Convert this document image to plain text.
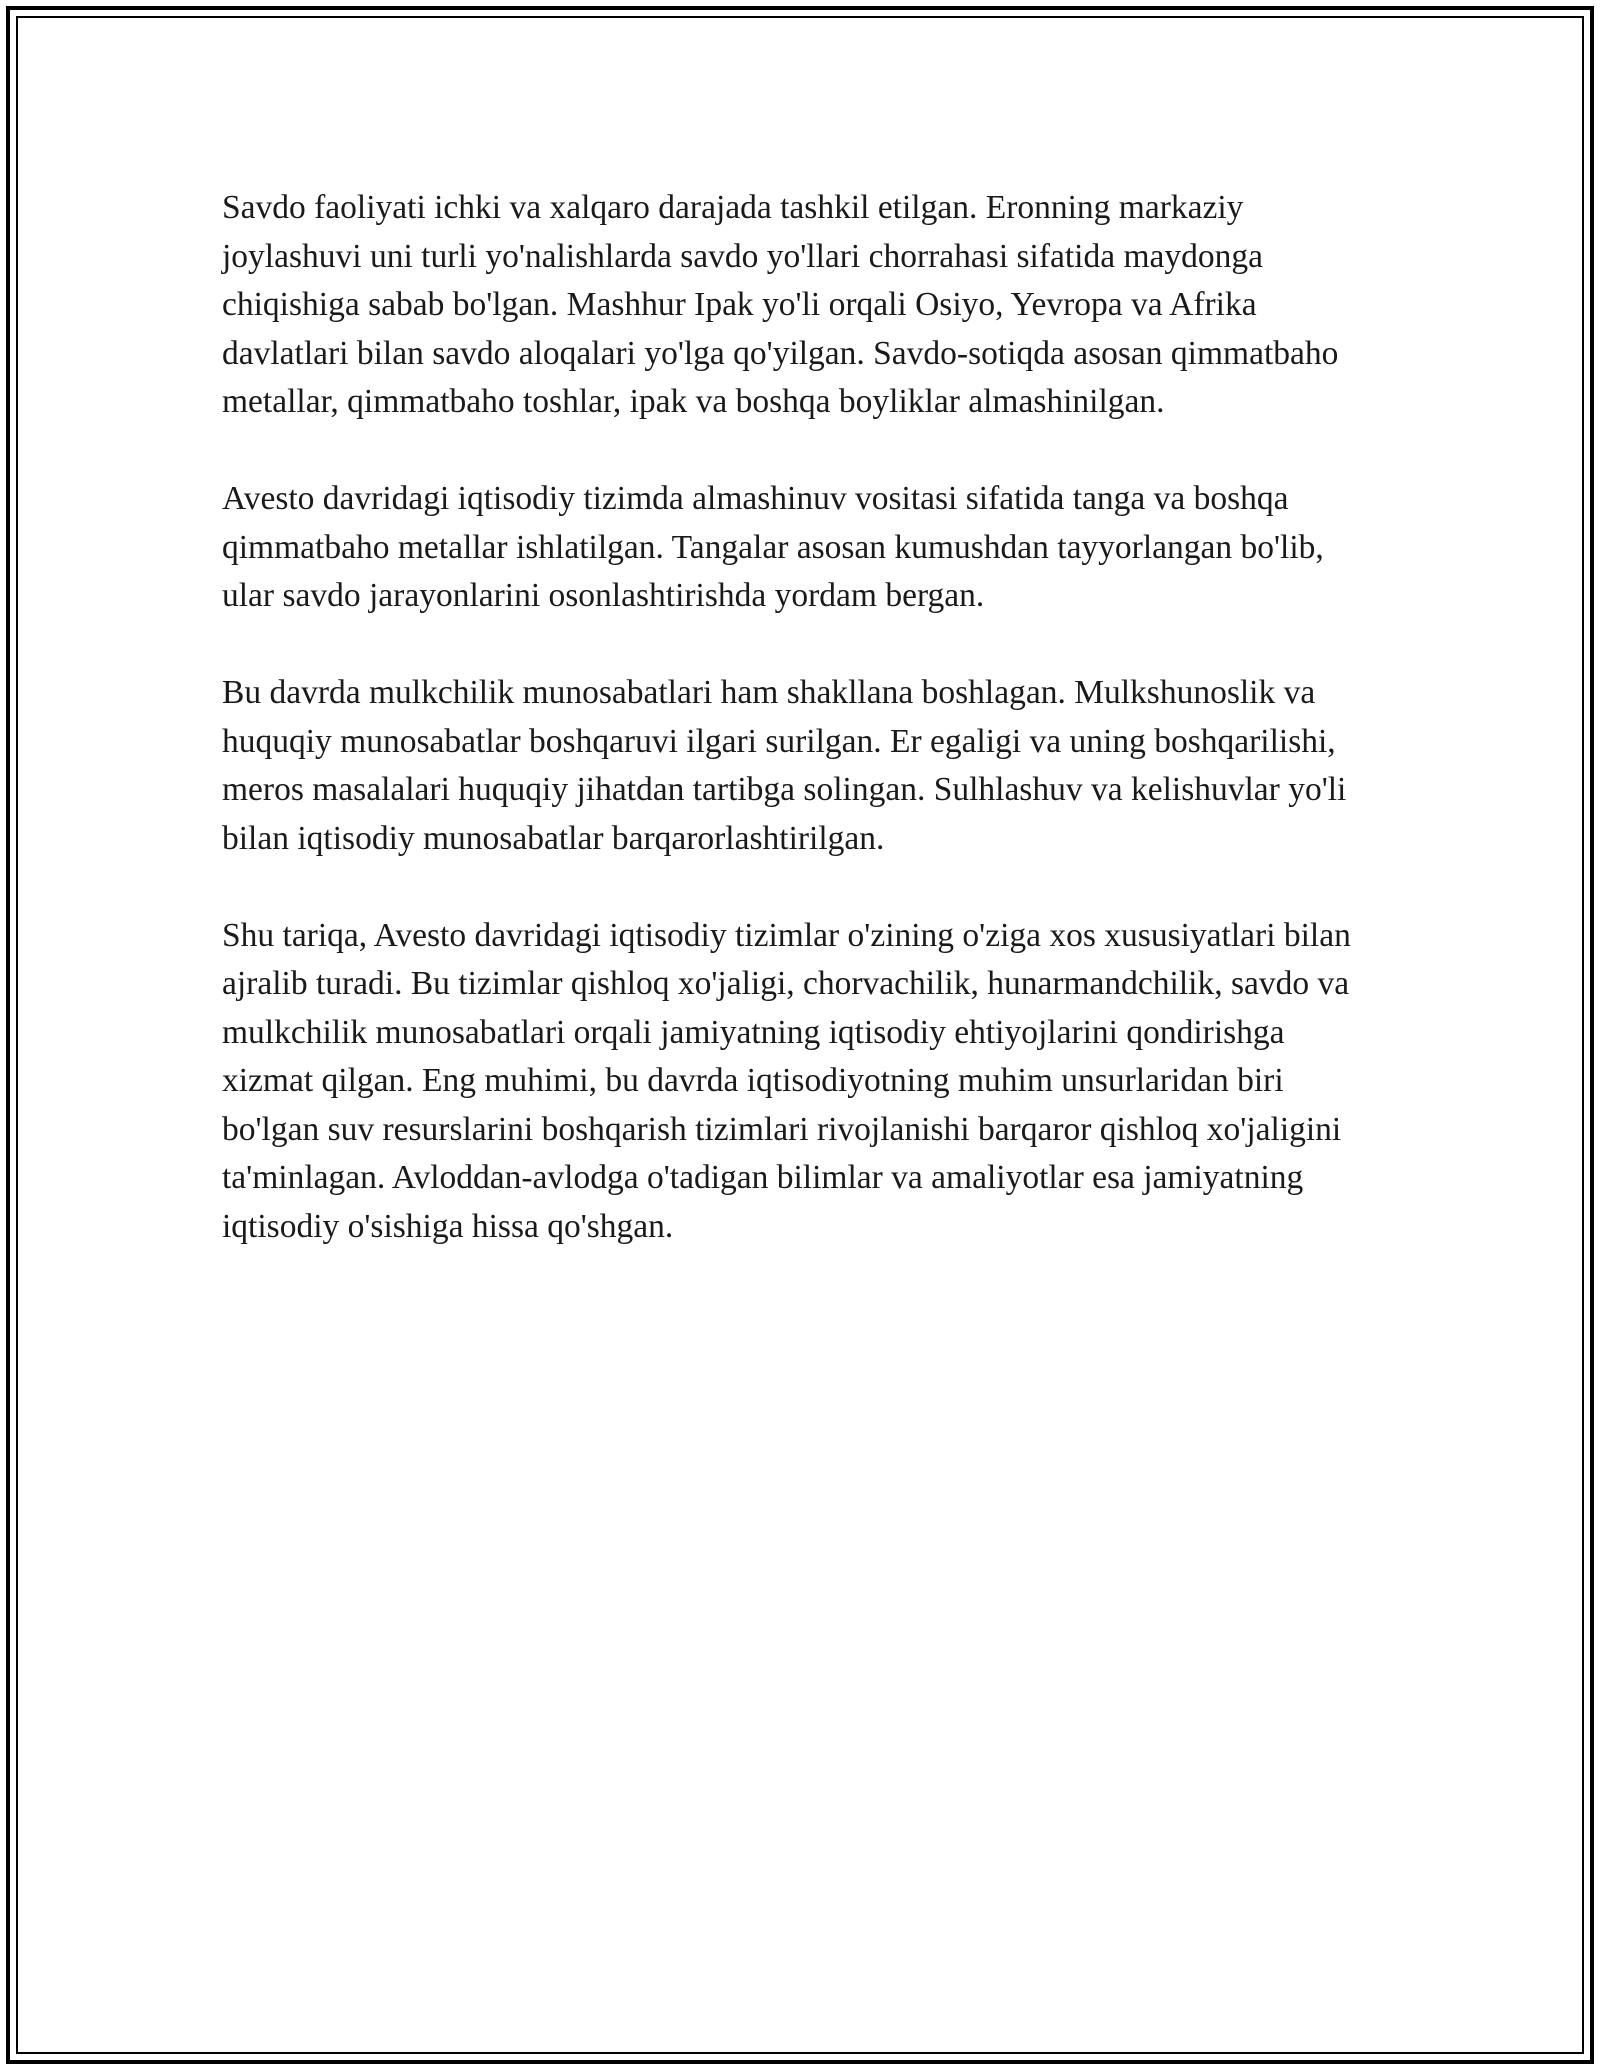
Savdo faoliyati ichki va xalqaro darajada tashkil etilgan. Eronning markaziy joylashuvi uni turli yo'nalishlarda savdo yo'llari chorrahasi sifatida maydonga chiqishiga sabab bo'lgan. Mashhur Ipak yo'li orqali Osiyo, Yevropa va Afrika davlatlari bilan savdo aloqalari yo'lga qo'yilgan. Savdo-sotiqda asosan qimmatbaho metallar, qimmatbaho toshlar, ipak va boshqa boyliklar almashinilgan.

Avesto davridagi iqtisodiy tizimda almashinuv vositasi sifatida tanga va boshqa qimmatbaho metallar ishlatilgan. Tangalar asosan kumushdan tayyorlangan bo'lib, ular savdo jarayonlarini osonlashtirishda yordam bergan.

Bu davrda mulkchilik munosabatlari ham shakllana boshlagan. Mulkshunoslik va huquqiy munosabatlar boshqaruvi ilgari surilgan. Er egaligi va uning boshqarilishi, meros masalalari huquqiy jihatdan tartibga solingan. Sulhlashuv va kelishuvlar yo'li bilan iqtisodiy munosabatlar barqarorlashtirilgan.

Shu tariqa, Avesto davridagi iqtisodiy tizimlar o'zining o'ziga xos xususiyatlari bilan ajralib turadi. Bu tizimlar qishloq xo'jaligi, chorvachilik, hunarmandchilik, savdo va mulkchilik munosabatlari orqali jamiyatning iqtisodiy ehtiyojlarini qondirishga xizmat qilgan. Eng muhimi, bu davrda iqtisodiyotning muhim unsurlaridan biri bo'lgan suv resurslarini boshqarish tizimlari rivojlanishi barqaror qishloq xo'jaligini ta'minlagan. Avloddan-avlodga o'tadigan bilimlar va amaliyotlar esa jamiyatning iqtisodiy o'sishiga hissa qo'shgan.
